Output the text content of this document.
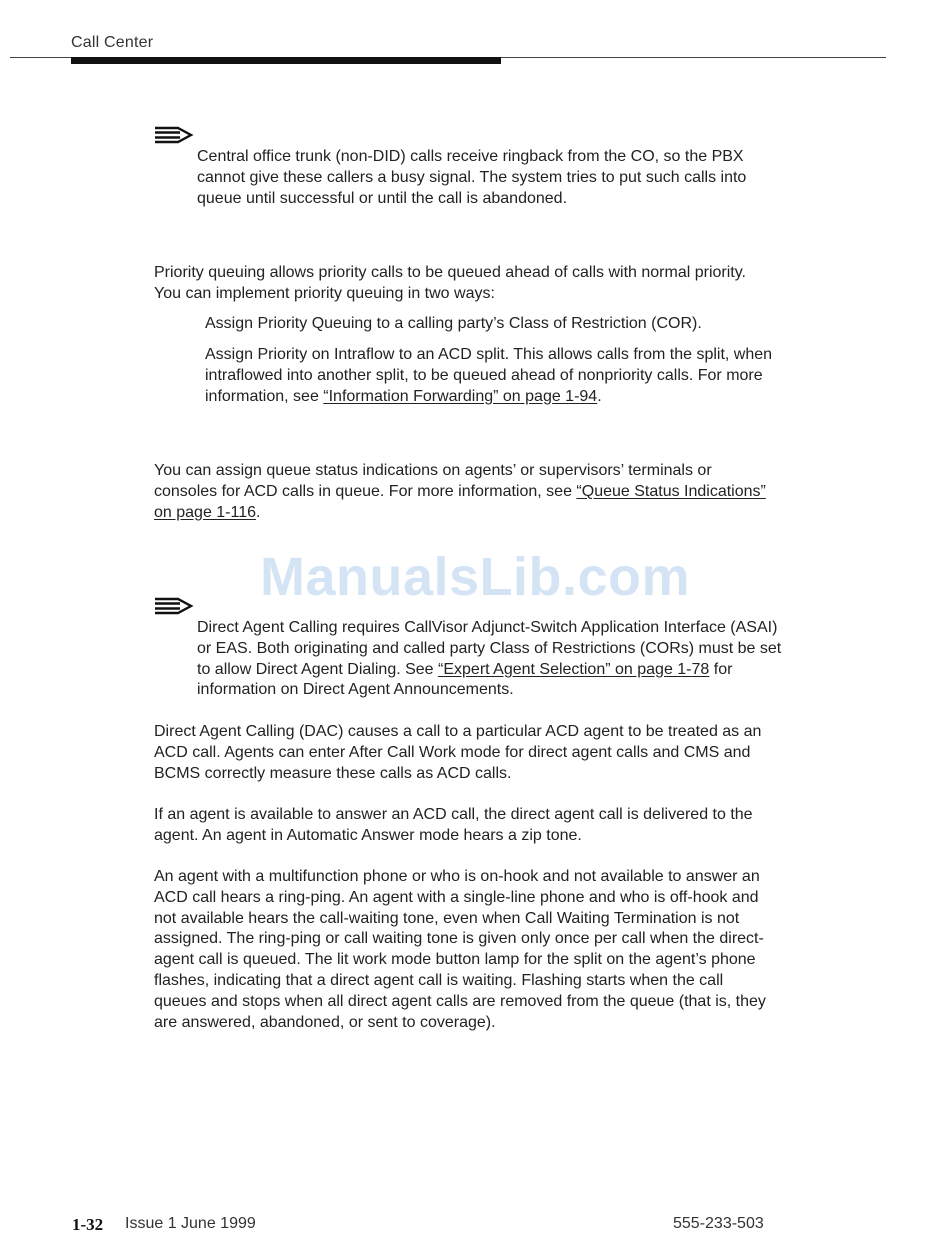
Call Center

Central office trunk (non-DID) calls receive ringback from the CO, so the PBX cannot give these callers a busy signal. The system tries to put such calls into queue until successful or until the call is abandoned.

Priority queuing allows priority calls to be queued ahead of calls with normal priority. You can implement priority queuing in two ways:

Assign Priority Queuing to a calling party’s Class of Restriction (COR).

Assign Priority on Intraflow to an ACD split. This allows calls from the split, when intraflowed into another split, to be queued ahead of nonpriority calls. For more information, see “Information Forwarding” on page 1-94.

You can assign queue status indications on agents’ or supervisors’ terminals or consoles for ACD calls in queue. For more information, see “Queue Status Indications” on page 1-116.

ManualsLib.com

Direct Agent Calling requires CallVisor Adjunct-Switch Application Interface (ASAI) or EAS. Both originating and called party Class of Restrictions (CORs) must be set to allow Direct Agent Dialing. See “Expert Agent Selection” on page 1-78 for information on Direct Agent Announcements.

Direct Agent Calling (DAC) causes a call to a particular ACD agent to be treated as an ACD call. Agents can enter After Call Work mode for direct agent calls and CMS and BCMS correctly measure these calls as ACD calls.

If an agent is available to answer an ACD call, the direct agent call is delivered to the agent. An agent in Automatic Answer mode hears a zip tone.

An agent with a multifunction phone or who is on-hook and not available to answer an ACD call hears a ring-ping. An agent with a single-line phone and who is off-hook and not available hears the call-waiting tone, even when Call Waiting Termination is not assigned. The ring-ping or call waiting tone is given only once per call when the direct-agent call is queued. The lit work mode button lamp for the split on the agent’s phone flashes, indicating that a direct agent call is waiting. Flashing starts when the call queues and stops when all direct agent calls are removed from the queue (that is, they are answered, abandoned, or sent to coverage).

1-32 Issue 1 June 1999	555-233-503
